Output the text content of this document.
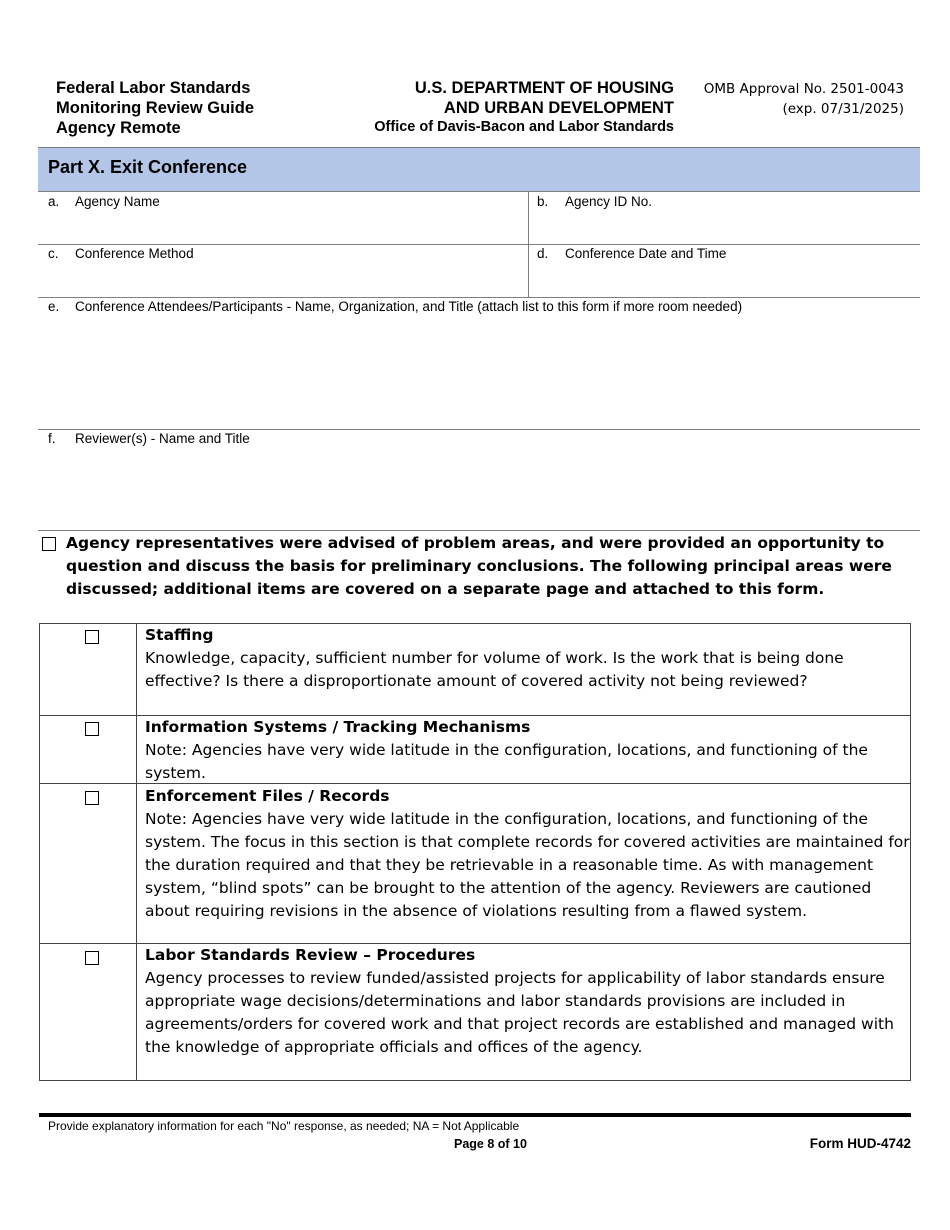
Federal Labor Standards
Monitoring Review Guide
Agency Remote
U.S. DEPARTMENT OF HOUSING
AND URBAN DEVELOPMENT
Office of Davis-Bacon and Labor Standards
OMB Approval No. 2501-0043
(exp. 07/31/2025)
Part X. Exit Conference
a. Agency Name	b. Agency ID No.
c. Conference Method	d. Conference Date and Time
e. Conference Attendees/Participants - Name, Organization, and Title (attach list to this form if more room needed)
f. Reviewer(s) - Name and Title
Agency representatives were advised of problem areas, and were provided an opportunity to question and discuss the basis for preliminary conclusions. The following principal areas were discussed; additional items are covered on a separate page and attached to this form.
Staffing
Knowledge, capacity, sufficient number for volume of work. Is the work that is being done effective? Is there a disproportionate amount of covered activity not being reviewed?
Information Systems / Tracking Mechanisms
Note: Agencies have very wide latitude in the configuration, locations, and functioning of the system.
Enforcement Files / Records
Note: Agencies have very wide latitude in the configuration, locations, and functioning of the system. The focus in this section is that complete records for covered activities are maintained for the duration required and that they be retrievable in a reasonable time. As with management system, “blind spots” can be brought to the attention of the agency. Reviewers are cautioned about requiring revisions in the absence of violations resulting from a flawed system.
Labor Standards Review – Procedures
Agency processes to review funded/assisted projects for applicability of labor standards ensure appropriate wage decisions/determinations and labor standards provisions are included in agreements/orders for covered work and that project records are established and managed with the knowledge of appropriate officials and offices of the agency.
Provide explanatory information for each "No" response, as needed; NA = Not Applicable
Page 8 of 10	Form HUD-4742
